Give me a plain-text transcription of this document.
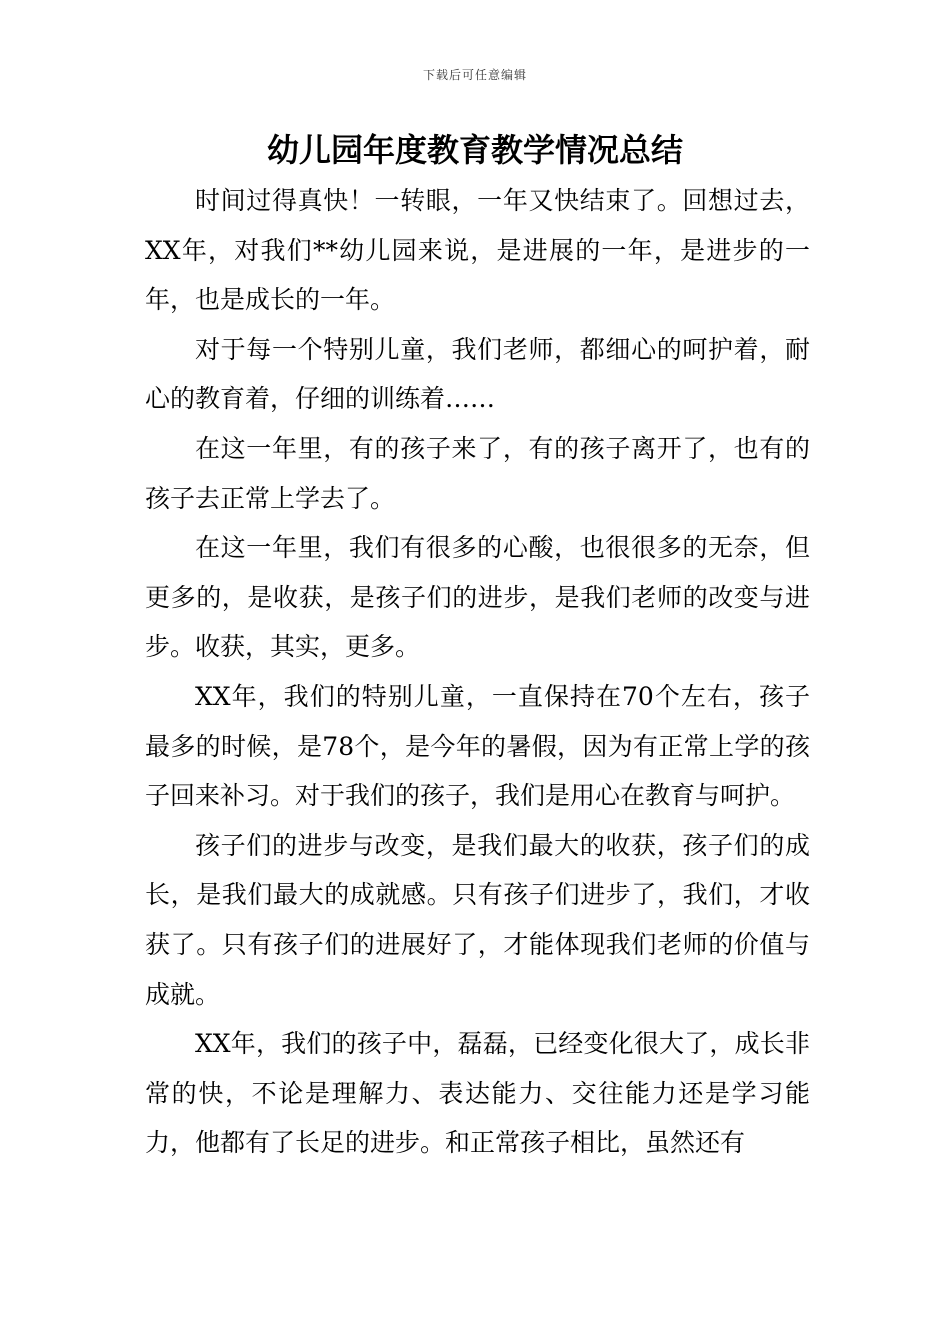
下载后可任意编辑
幼儿园年度教育教学情况总结

时间过得真快！一转眼，一年又快结束了。回想过去，XX年，对我们**幼儿园来说，是进展的一年，是进步的一年，也是成长的一年。

对于每一个特别儿童，我们老师，都细心的呵护着，耐心的教育着，仔细的训练着……

在这一年里，有的孩子来了，有的孩子离开了，也有的孩子去正常上学去了。

在这一年里，我们有很多的心酸，也很很多的无奈，但更多的，是收获，是孩子们的进步，是我们老师的改变与进步。收获，其实，更多。

XX年，我们的特别儿童，一直保持在70个左右，孩子最多的时候，是78个，是今年的暑假，因为有正常上学的孩子回来补习。对于我们的孩子，我们是用心在教育与呵护。

孩子们的进步与改变，是我们最大的收获，孩子们的成长，是我们最大的成就感。只有孩子们进步了，我们，才收获了。只有孩子们的进展好了，才能体现我们老师的价值与成就。

XX年，我们的孩子中，磊磊，已经变化很大了，成长非常的快，不论是理解力、表达能力、交往能力还是学习能力，他都有了长足的进步。和正常孩子相比，虽然还有
